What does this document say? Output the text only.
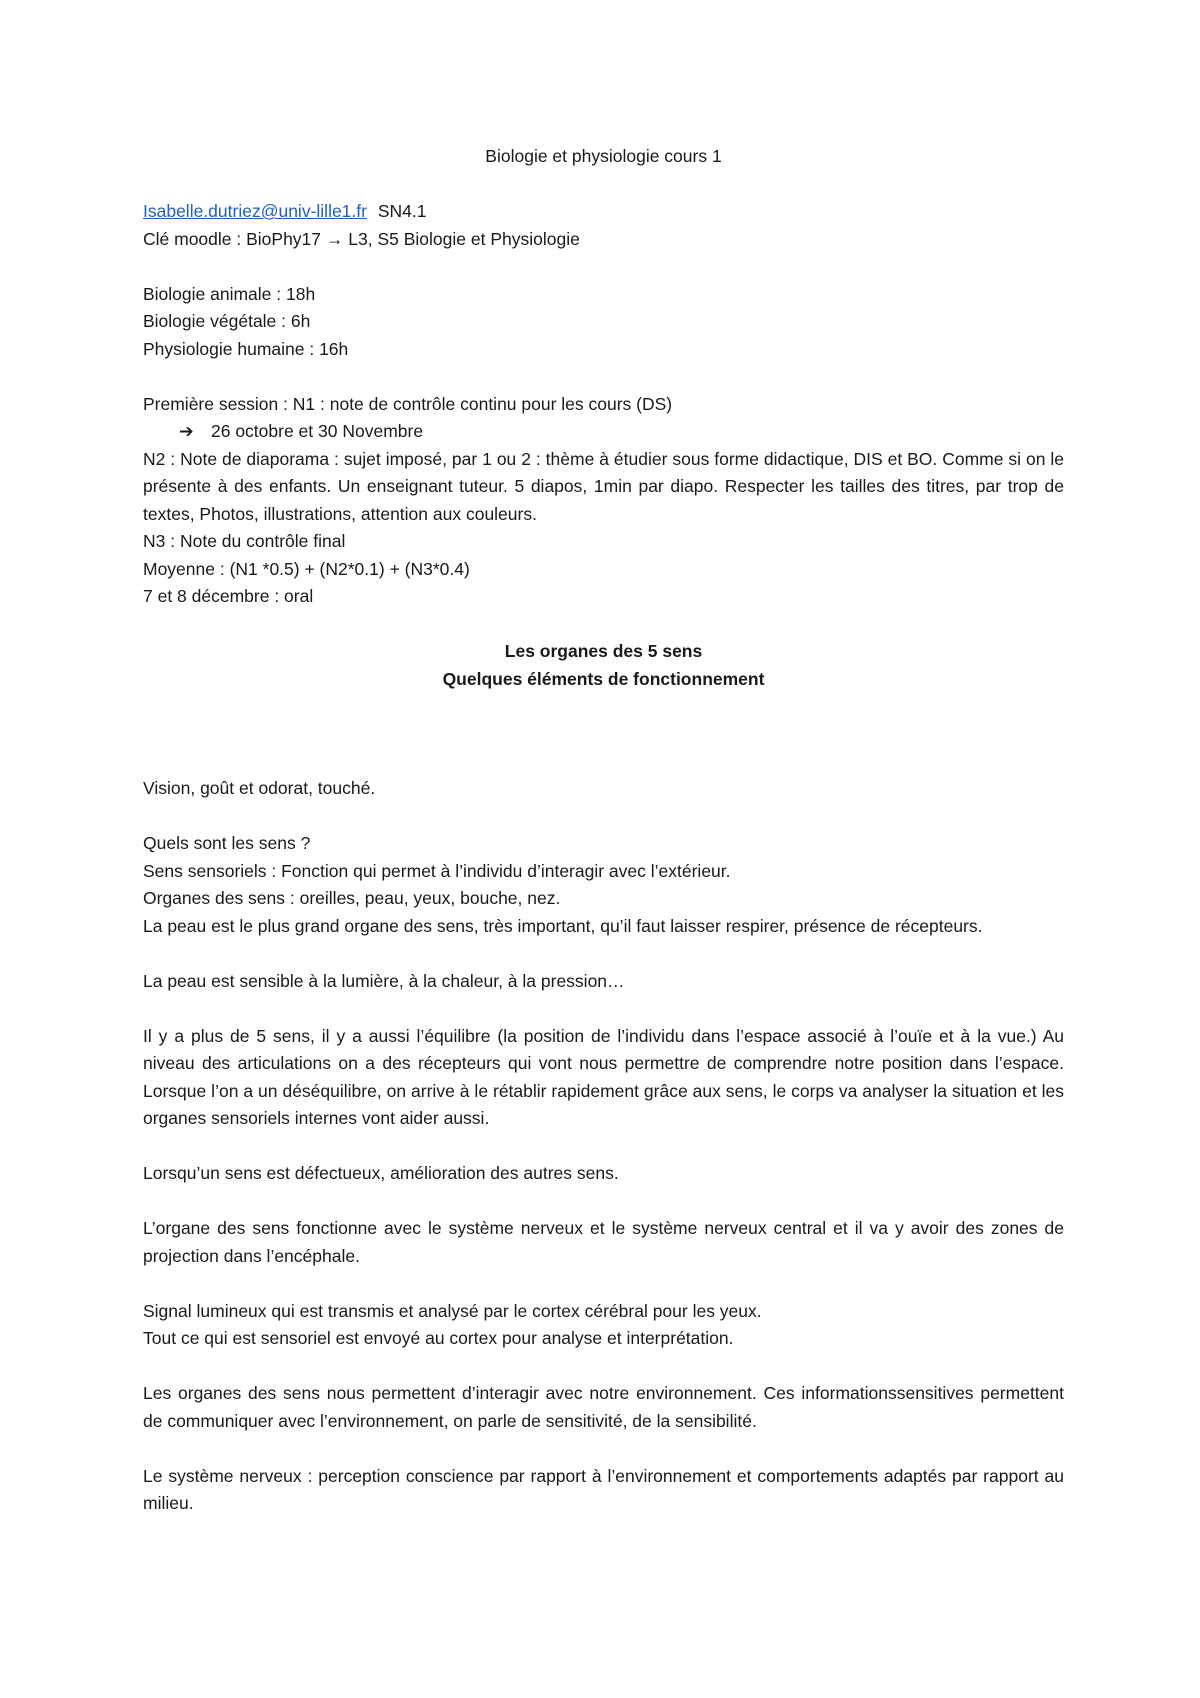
Biologie et physiologie cours 1

Isabelle.dutriez@univ-lille1.fr SN4.1

Clé moodle : BioPhy17 → L3, S5 Biologie et Physiologie

Biologie animale : 18h

Biologie végétale : 6h

Physiologie humaine : 16h

Première session : N1 : note de contrôle continu pour les cours (DS)

➔ 26 octobre et 30 Novembre

N2 : Note de diaporama : sujet imposé, par 1 ou 2 : thème à étudier sous forme didactique, DIS et BO. Comme si on le présente à des enfants. Un enseignant tuteur. 5 diapos, 1min par diapo. Respecter les tailles des titres, par trop de textes, Photos, illustrations, attention aux couleurs.

N3 : Note du contrôle final

Moyenne : (N1 *0.5) + (N2*0.1) + (N3*0.4)

7 et 8 décembre : oral

Les organes des 5 sens

Quelques éléments de fonctionnement

Vision, goût et odorat, touché.

Quels sont les sens ?

Sens sensoriels : Fonction qui permet à l’individu d’interagir avec l’extérieur.

Organes des sens : oreilles, peau, yeux, bouche, nez.

La peau est le plus grand organe des sens, très important, qu’il faut laisser respirer, présence de récepteurs.

La peau est sensible à la lumière, à la chaleur, à la pression…

Il y a plus de 5 sens, il y a aussi l’équilibre (la position de l’individu dans l’espace associé à l’ouïe et à la vue.) Au niveau des articulations on a des récepteurs qui vont nous permettre de comprendre notre position dans l’espace. Lorsque l’on a un déséquilibre, on arrive à le rétablir rapidement grâce aux sens, le corps va analyser la situation et les organes sensoriels internes vont aider aussi.

Lorsqu’un sens est défectueux, amélioration des autres sens.

L’organe des sens fonctionne avec le système nerveux et le système nerveux central et il va y avoir des zones de projection dans l’encéphale.

Signal lumineux qui est transmis et analysé par le cortex cérébral pour les yeux.

Tout ce qui est sensoriel est envoyé au cortex pour analyse et interprétation.

Les organes des sens nous permettent d’interagir avec notre environnement. Ces informationssensitives permettent de communiquer avec l’environnement, on parle de sensitivité, de la sensibilité.

Le système nerveux : perception conscience par rapport à l’environnement et comportements adaptés par rapport au milieu.
